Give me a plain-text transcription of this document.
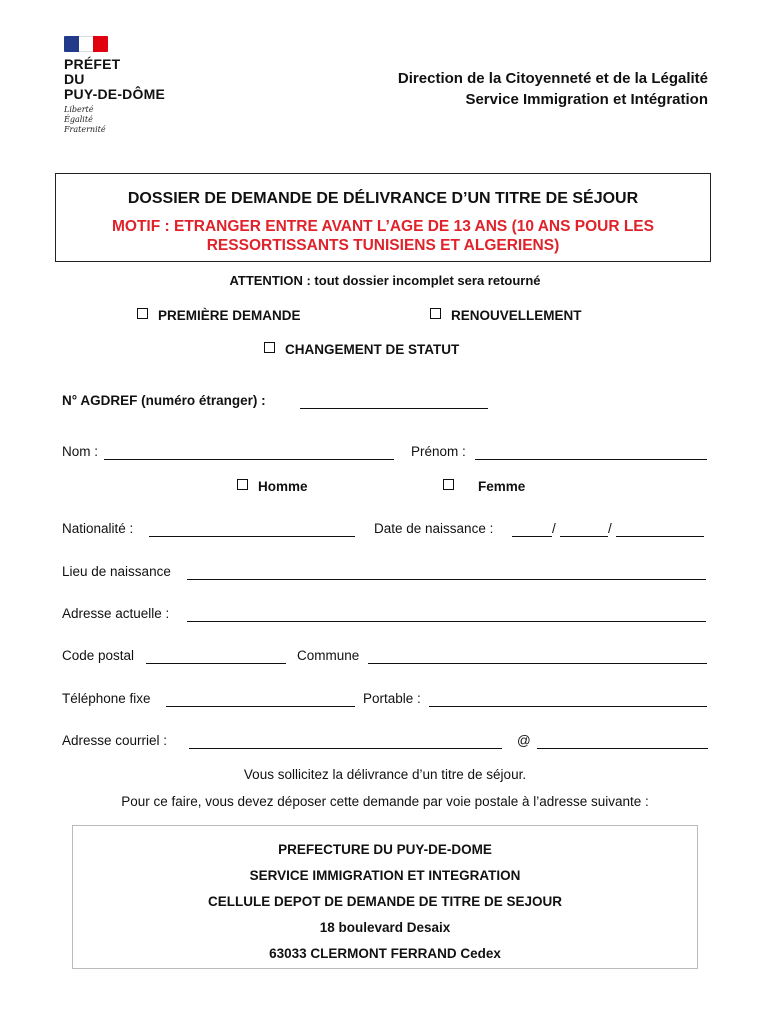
PRÉFET
DU
PUY-DE-DÔME
Liberté
Égalité
Fraternité
Direction de la Citoyenneté et de la Légalité
Service Immigration et Intégration
DOSSIER DE DEMANDE DE DÉLIVRANCE D’UN TITRE DE SÉJOUR
MOTIF : ETRANGER ENTRE AVANT L’AGE DE 13 ANS (10 ANS POUR LES
RESSORTISSANTS TUNISIENS ET ALGERIENS)
ATTENTION : tout dossier incomplet sera retourné
PREMIÈRE DEMANDE	RENOUVELLEMENT
CHANGEMENT DE STATUT
N° AGDREF (numéro étranger) :
Nom :	Prénom :
Homme	Femme
Nationalité :	Date de naissance :	/	/
Lieu de naissance
Adresse actuelle :
Code postal	Commune
Téléphone fixe	Portable :
Adresse courriel :	@
Vous sollicitez la délivrance d’un titre de séjour.
Pour ce faire, vous devez déposer cette demande par voie postale à l’adresse suivante :
PREFECTURE DU PUY-DE-DOME
SERVICE IMMIGRATION ET INTEGRATION
CELLULE DEPOT DE DEMANDE DE TITRE DE SEJOUR
18 boulevard Desaix
63033 CLERMONT FERRAND Cedex
